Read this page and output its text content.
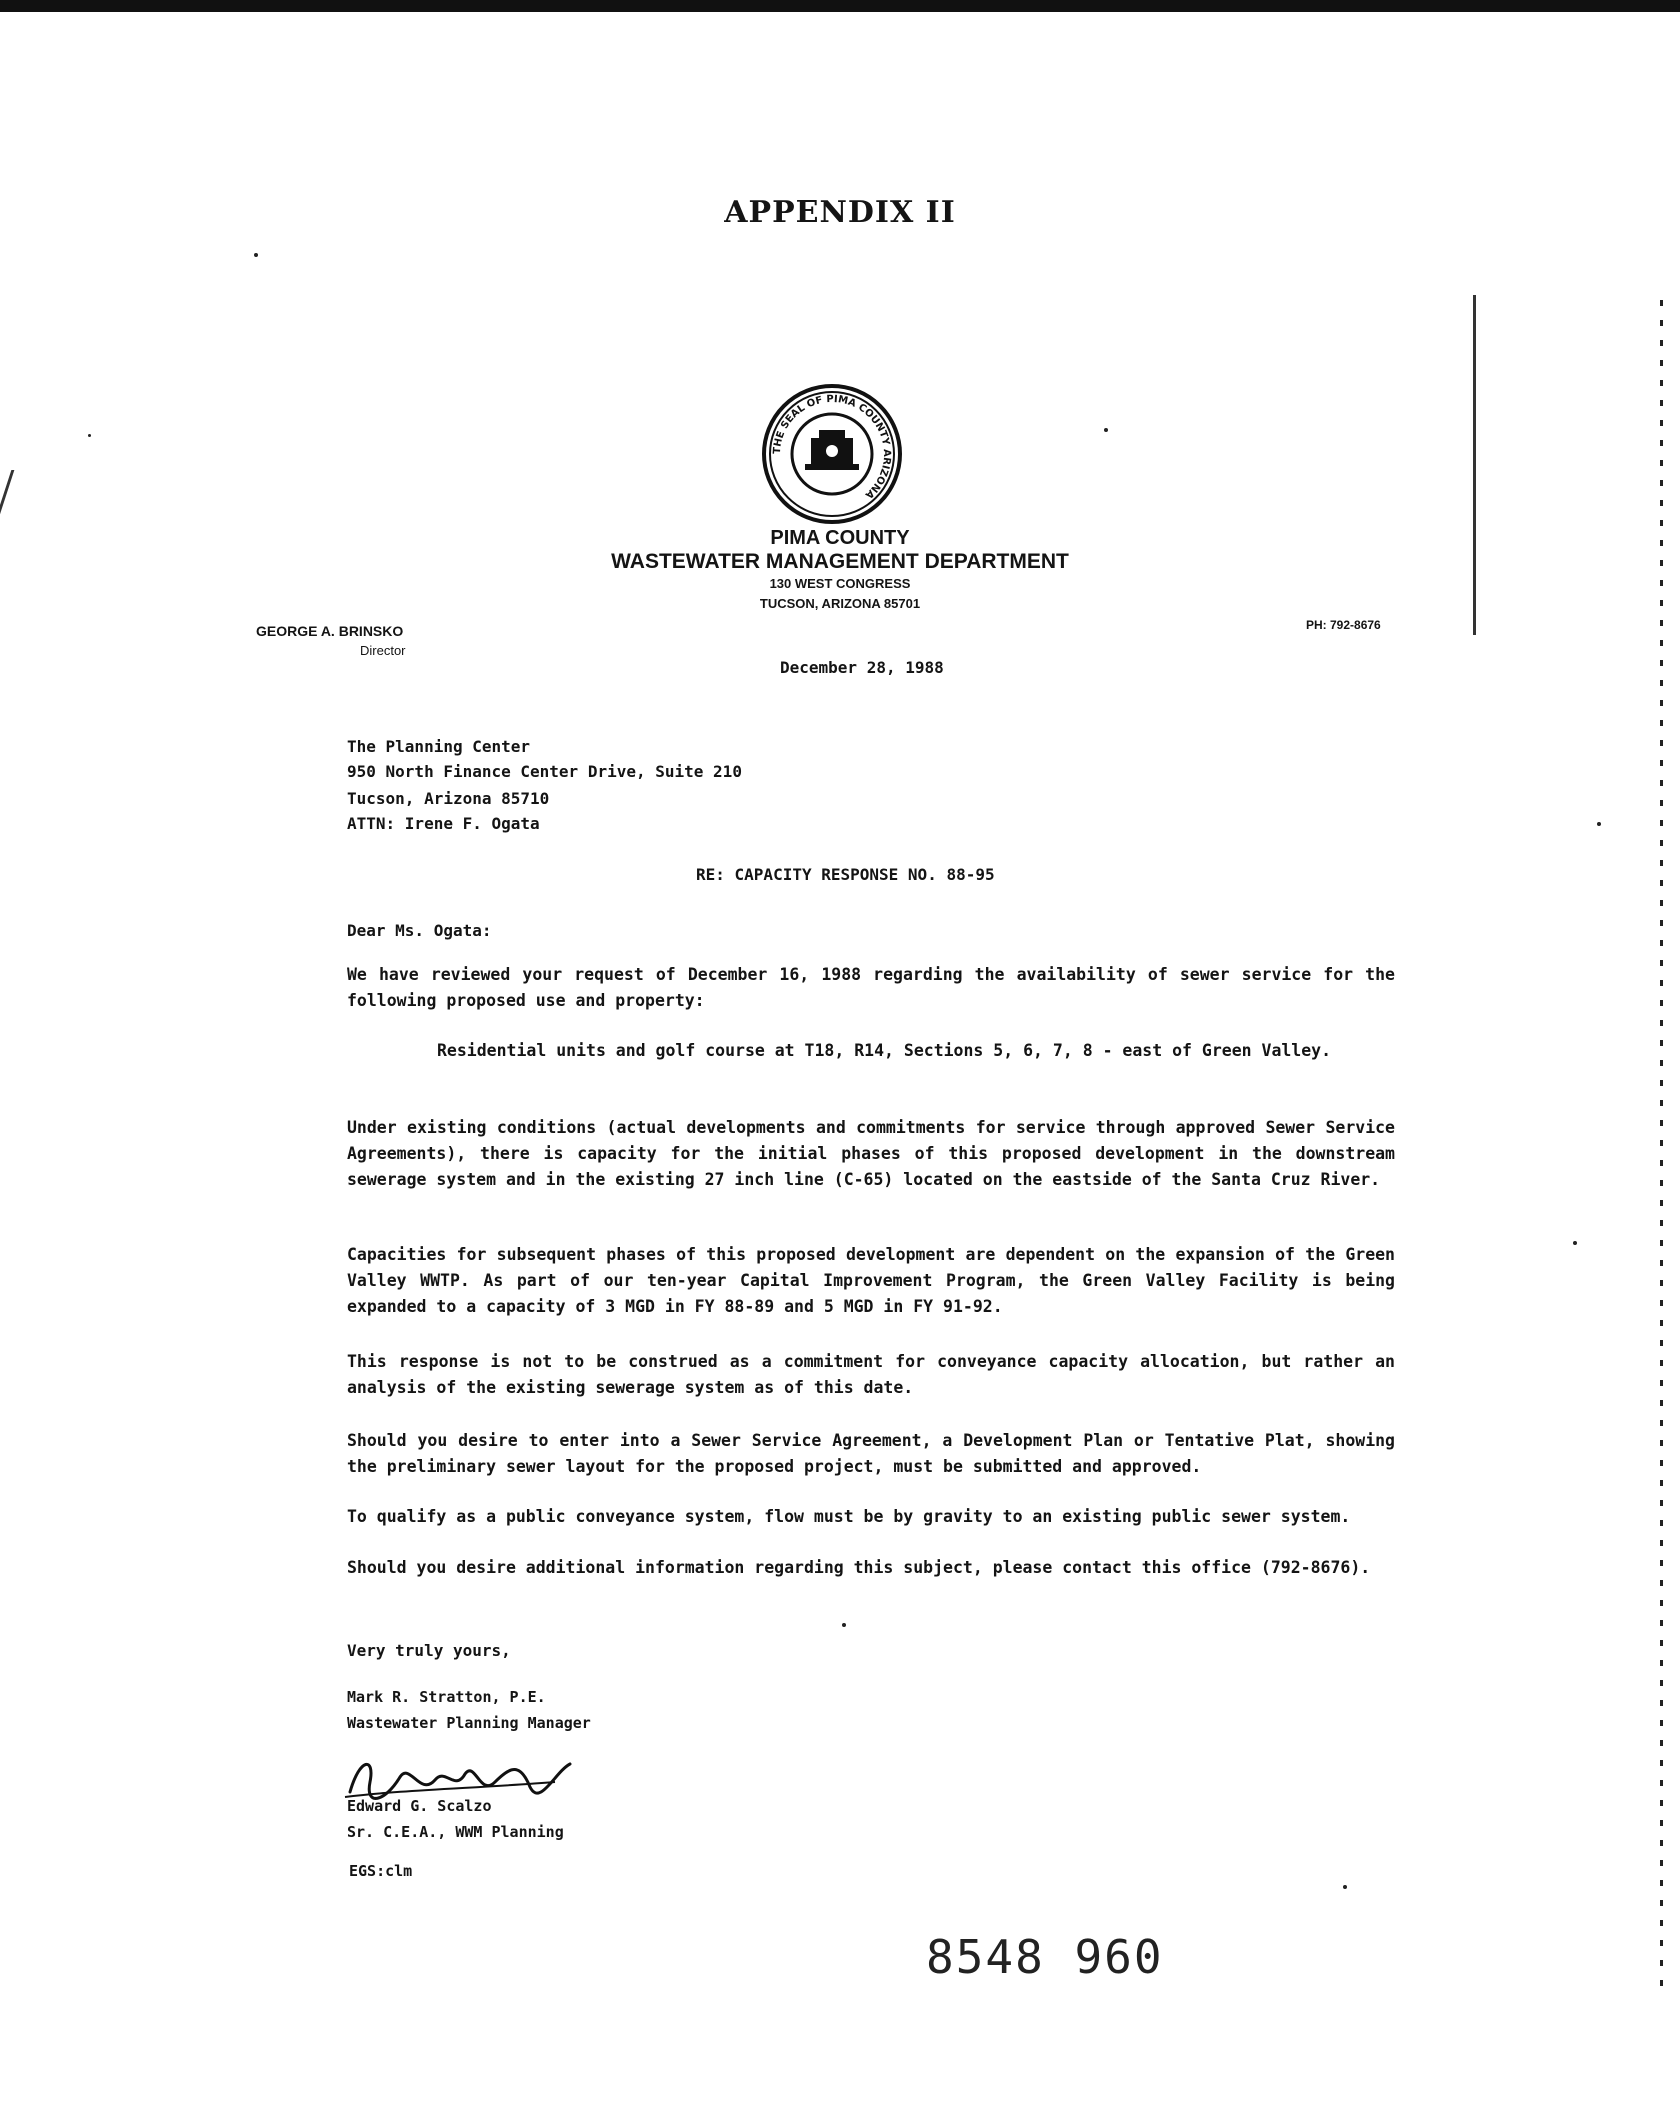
APPENDIX II
THE SEAL OF PIMA COUNTY ARIZONA
PIMA COUNTY
WASTEWATER MANAGEMENT DEPARTMENT
130 WEST CONGRESS
TUCSON, ARIZONA 85701
GEORGE A. BRINSKO
Director
PH: 792-8676
December 28, 1988
The Planning Center
950 North Finance Center Drive, Suite 210
Tucson, Arizona 85710
ATTN: Irene F. Ogata
RE: CAPACITY RESPONSE NO. 88-95
Dear Ms. Ogata:

We have reviewed your request of December 16, 1988 regarding the availability of sewer service for the following proposed use and property:

Residential units and golf course at T18, R14, Sections 5, 6, 7, 8 - east of Green Valley.

Under existing conditions (actual developments and commitments for service through approved Sewer Service Agreements), there is capacity for the initial phases of this proposed development in the downstream sewerage system and in the existing 27 inch line (C-65) located on the eastside of the Santa Cruz River.

Capacities for subsequent phases of this proposed development are dependent on the expansion of the Green Valley WWTP. As part of our ten-year Capital Improvement Program, the Green Valley Facility is being expanded to a capacity of 3 MGD in FY 88-89 and 5 MGD in FY 91-92.

This response is not to be construed as a commitment for conveyance capacity allocation, but rather an analysis of the existing sewerage system as of this date.

Should you desire to enter into a Sewer Service Agreement, a Development Plan or Tentative Plat, showing the preliminary sewer layout for the proposed project, must be submitted and approved.

To qualify as a public conveyance system, flow must be by gravity to an existing public sewer system.

Should you desire additional information regarding this subject, please contact this office (792-8676).

Very truly yours,
Mark R. Stratton, P.E.
Wastewater Planning Manager
Edward G. Scalzo
Sr. C.E.A., WWM Planning
EGS:clm
8548 960
